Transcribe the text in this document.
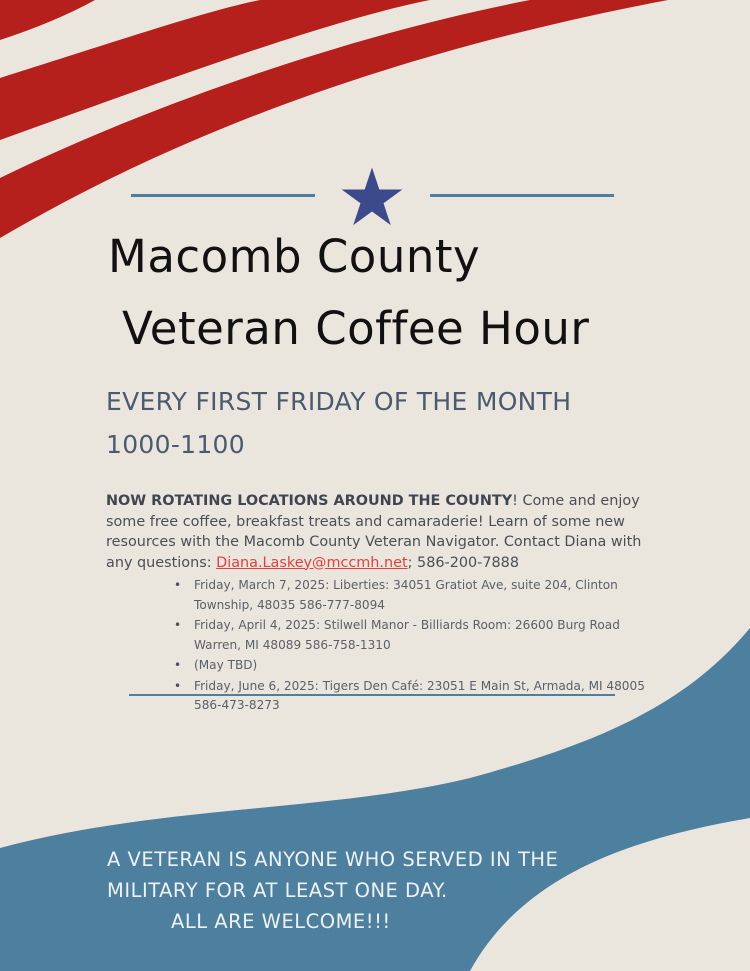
Macomb County
Veteran Coffee Hour
EVERY FIRST FRIDAY OF THE MONTH
1000-1100

NOW ROTATING LOCATIONS AROUND THE COUNTY! Come and enjoy some free coffee, breakfast treats and camaraderie! Learn of some new resources with the Macomb County Veteran Navigator. Contact Diana with any questions: Diana.Laskey@mccmh.net; 586-200-7888

• Friday, March 7, 2025: Liberties: 34051 Gratiot Ave, suite 204, Clinton Township, 48035 586-777-8094
• Friday, April 4, 2025: Stilwell Manor - Billiards Room: 26600 Burg Road Warren, MI 48089 586-758-1310
• (May TBD)
• Friday, June 6, 2025: Tigers Den Café: 23051 E Main St, Armada, MI 48005 586-473-8273
A VETERAN IS ANYONE WHO SERVED IN THE
MILITARY FOR AT LEAST ONE DAY.
ALL ARE WELCOME!!!
